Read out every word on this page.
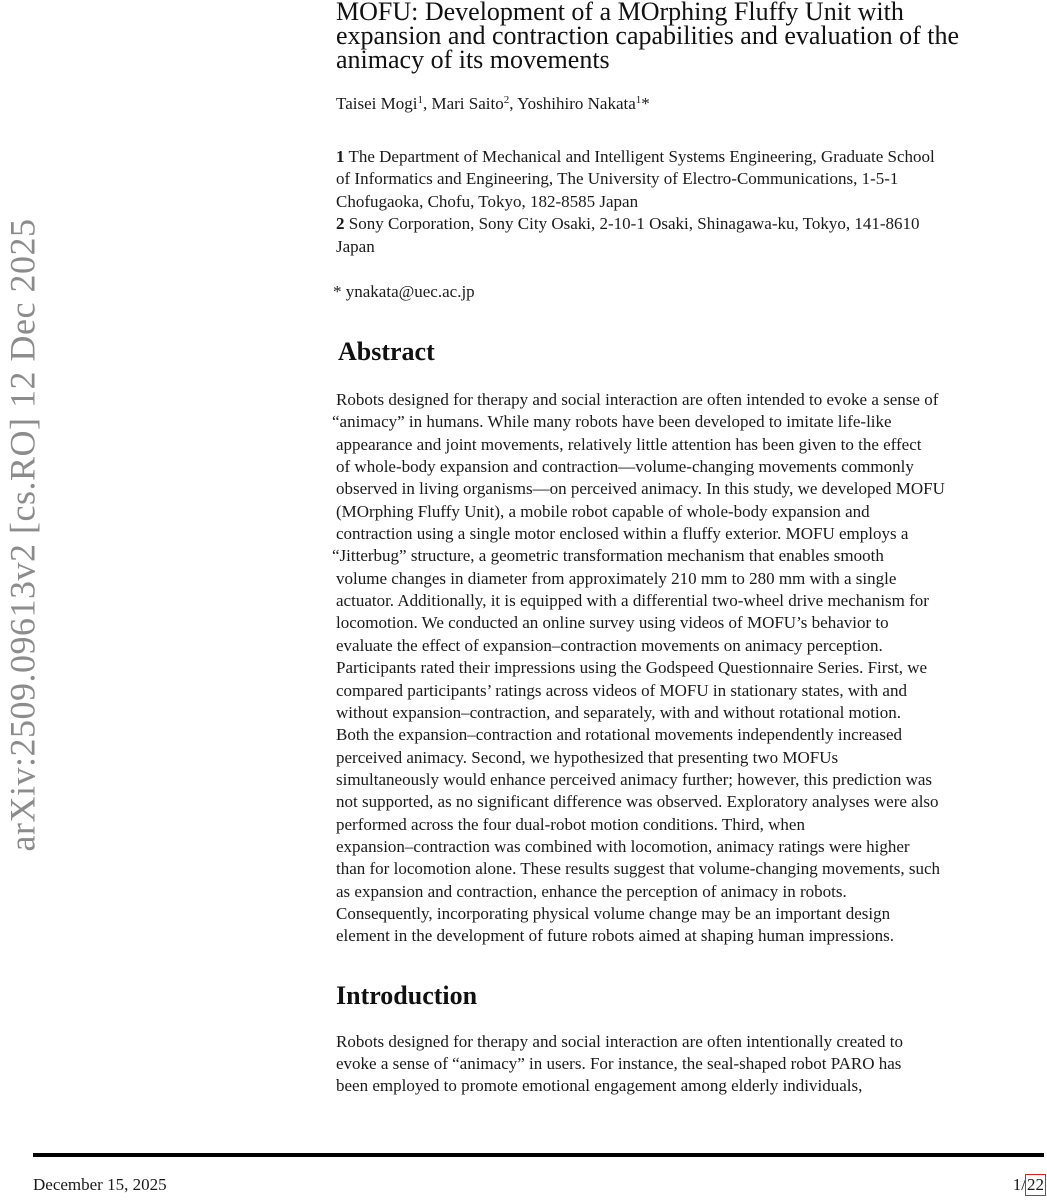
arXiv:2509.09613v2 [cs.RO] 12 Dec 2025
MOFU: Development of a MOrphing Fluffy Unit with
expansion and contraction capabilities and evaluation of the
animacy of its movements
Taisei Mogi$^1$, Mari Saito$^2$, Yoshihiro Nakata$^1$*
1 The Department of Mechanical and Intelligent Systems Engineering, Graduate School
of Informatics and Engineering, The University of Electro-Communications, 1-5-1
Chofugaoka, Chofu, Tokyo, 182-8585 Japan
2 Sony Corporation, Sony City Osaki, 2-10-1 Osaki, Shinagawa-ku, Tokyo, 141-8610
Japan
* ynakata@uec.ac.jp
Abstract
Robots designed for therapy and social interaction are often intended to evoke a sense of
“animacy” in humans. While many robots have been developed to imitate life-like
appearance and joint movements, relatively little attention has been given to the effect
of whole-body expansion and contraction—volume-changing movements commonly
observed in living organisms—on perceived animacy. In this study, we developed MOFU
(MOrphing Fluffy Unit), a mobile robot capable of whole-body expansion and
contraction using a single motor enclosed within a fluffy exterior. MOFU employs a
“Jitterbug” structure, a geometric transformation mechanism that enables smooth
volume changes in diameter from approximately 210 mm to 280 mm with a single
actuator. Additionally, it is equipped with a differential two-wheel drive mechanism for
locomotion. We conducted an online survey using videos of MOFU’s behavior to
evaluate the effect of expansion–contraction movements on animacy perception.
Participants rated their impressions using the Godspeed Questionnaire Series. First, we
compared participants’ ratings across videos of MOFU in stationary states, with and
without expansion–contraction, and separately, with and without rotational motion.
Both the expansion–contraction and rotational movements independently increased
perceived animacy. Second, we hypothesized that presenting two MOFUs
simultaneously would enhance perceived animacy further; however, this prediction was
not supported, as no significant difference was observed. Exploratory analyses were also
performed across the four dual-robot motion conditions. Third, when
expansion–contraction was combined with locomotion, animacy ratings were higher
than for locomotion alone. These results suggest that volume-changing movements, such
as expansion and contraction, enhance the perception of animacy in robots.
Consequently, incorporating physical volume change may be an important design
element in the development of future robots aimed at shaping human impressions.
Introduction
Robots designed for therapy and social interaction are often intentionally created to
evoke a sense of “animacy” in users. For instance, the seal-shaped robot PARO has
been employed to promote emotional engagement among elderly individuals,
December 15, 2025	1 / 22
